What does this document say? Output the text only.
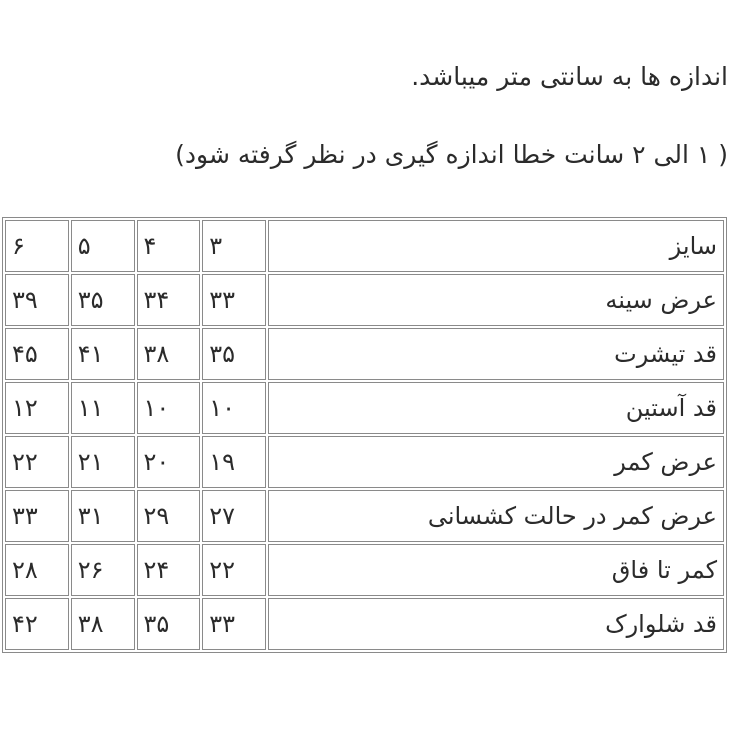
اندازه ها به سانتی متر میباشد.
( ۱ الی ۲ سانت خطا اندازه گیری در نظر گرفته شود)
سایز	۳	۴	۵	۶
عرض سینه	۳۳	۳۴	۳۵	۳۹
قد تیشرت	۳۵	۳۸	۴۱	۴۵
قد آستین	۱۰	۱۰	۱۱	۱۲
عرض کمر	۱۹	۲۰	۲۱	۲۲
عرض کمر در حالت کشسانی	۲۷	۲۹	۳۱	۳۳
کمر تا فاق	۲۲	۲۴	۲۶	۲۸
قد شلوارک	۳۳	۳۵	۳۸	۴۲
